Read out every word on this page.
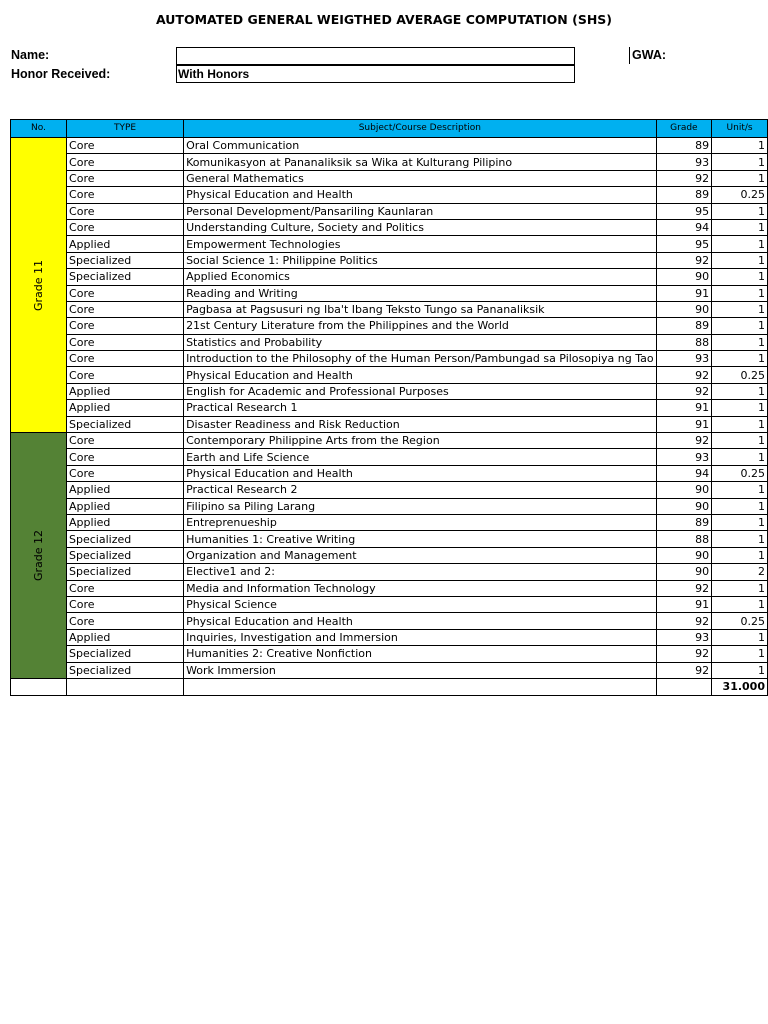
AUTOMATED GENERAL WEIGTHED AVERAGE COMPUTATION (SHS)
Name:
Honor Received:	With Honors
GWA:
No.	TYPE	Subject/Course Description	Grade	Unit/s
Grade 11	Core	Oral Communication	89	1
	Core	Komunikasyon at Pananaliksik sa Wika at Kulturang Pilipino	93	1
	Core	General Mathematics	92	1
	Core	Physical Education and Health	89	0.25
	Core	Personal Development/Pansariling Kaunlaran	95	1
	Core	Understanding Culture, Society and Politics	94	1
	Applied	Empowerment Technologies	95	1
	Specialized	Social Science 1: Philippine Politics	92	1
	Specialized	Applied Economics	90	1
	Core	Reading and Writing	91	1
	Core	Pagbasa at Pagsusuri ng Iba't Ibang Teksto Tungo sa Pananaliksik	90	1
	Core	21st Century Literature from the Philippines and the World	89	1
	Core	Statistics and Probability	88	1
	Core	Introduction to the Philosophy of the Human Person/Pambungad sa Pilosopiya ng Tao	93	1
	Core	Physical Education and Health	92	0.25
	Applied	English for Academic and Professional Purposes	92	1
	Applied	Practical Research 1	91	1
	Specialized	Disaster Readiness and Risk Reduction	91	1
Grade 12	Core	Contemporary Philippine Arts from the Region	92	1
	Core	Earth and Life Science	93	1
	Core	Physical Education and Health	94	0.25
	Applied	Practical Research 2	90	1
	Applied	Filipino sa Piling Larang	90	1
	Applied	Entreprenueship	89	1
	Specialized	Humanities 1: Creative Writing	88	1
	Specialized	Organization and Management	90	1
	Specialized	Elective1 and 2:	90	2
	Core	Media and Information Technology	92	1
	Core	Physical Science	91	1
	Core	Physical Education and Health	92	0.25
	Applied	Inquiries, Investigation and Immersion	93	1
	Specialized	Humanities 2: Creative Nonfiction	92	1
	Specialized	Work Immersion	92	1
				31.000
